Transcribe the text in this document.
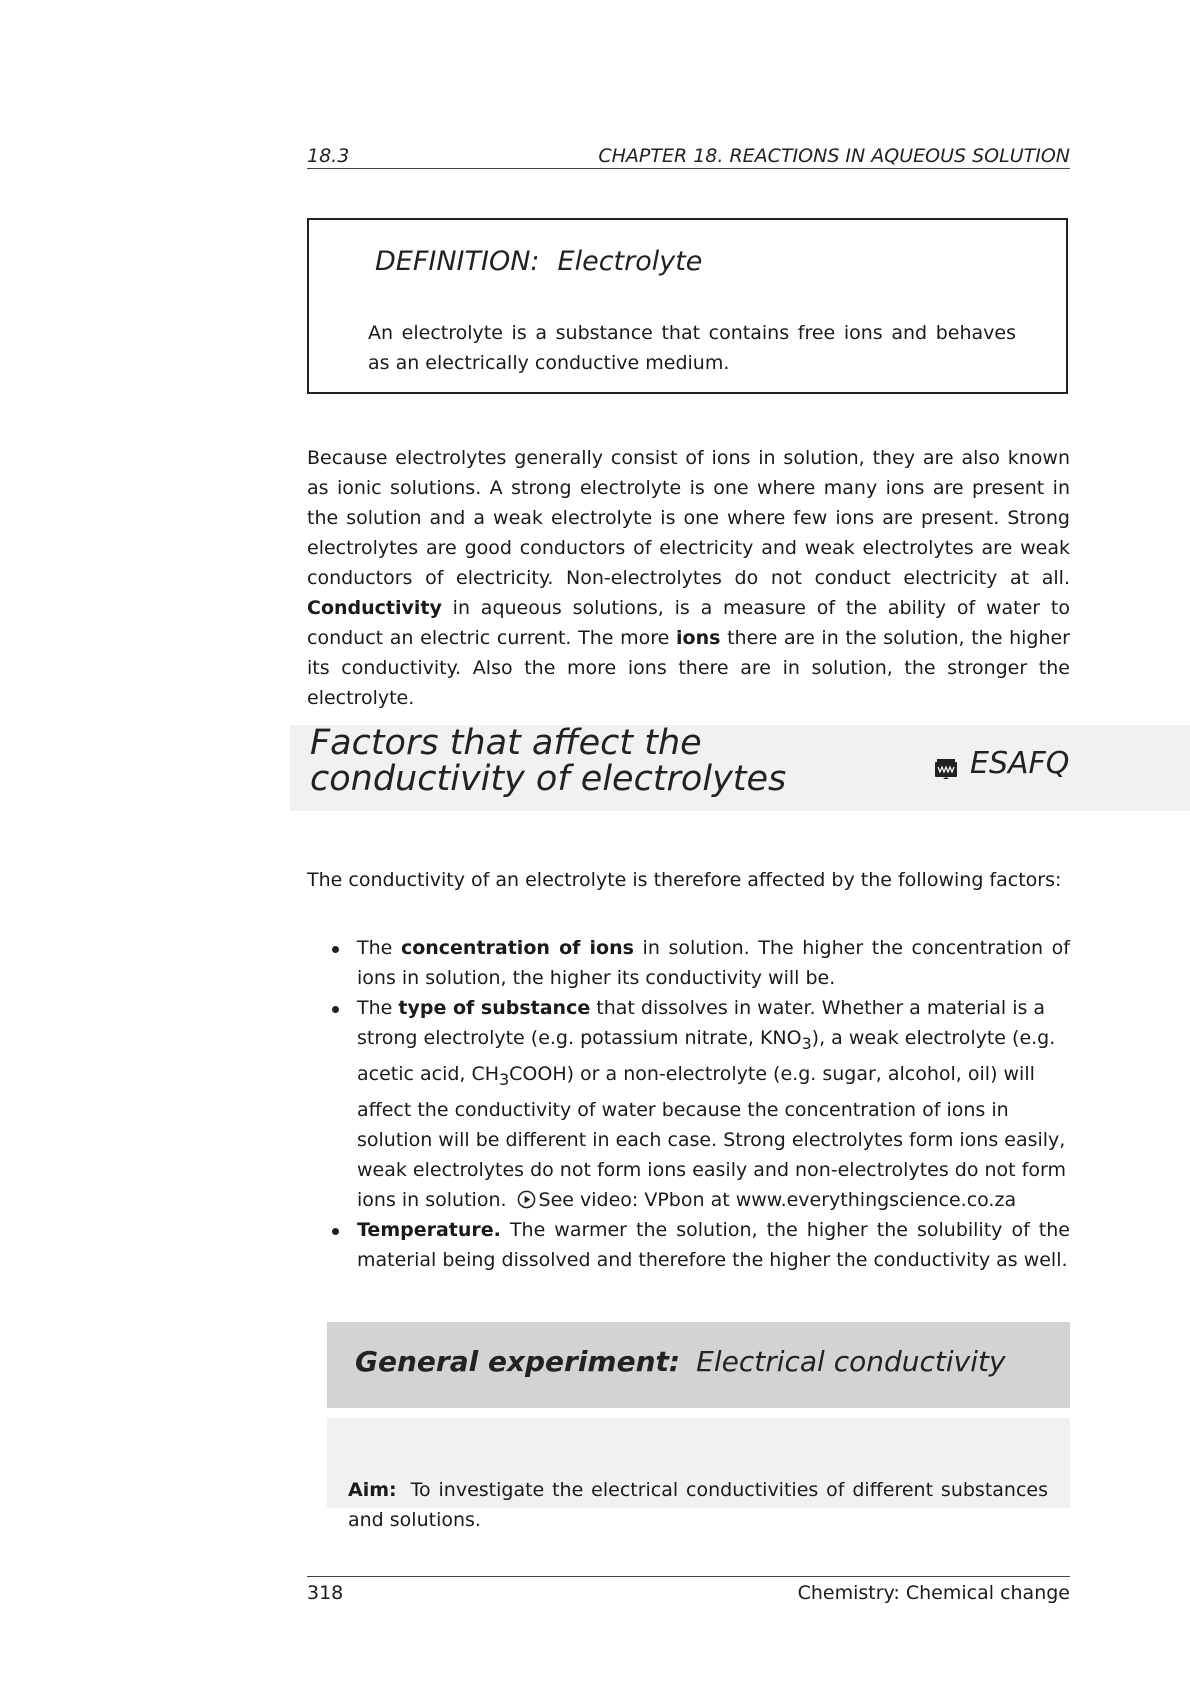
18.3	CHAPTER 18. REACTIONS IN AQUEOUS SOLUTION
DEFINITION: Electrolyte
An electrolyte is a substance that contains free ions and behaves as an electrically conductive medium.
Because electrolytes generally consist of ions in solution, they are also known as ionic solutions. A strong electrolyte is one where many ions are present in the solution and a weak electrolyte is one where few ions are present. Strong electrolytes are good conductors of electricity and weak electrolytes are weak conductors of electricity. Non-electrolytes do not conduct electricity at all. Conductivity in aqueous solutions, is a measure of the ability of water to conduct an electric current. The more ions there are in the solution, the higher its conductivity. Also the more ions there are in solution, the stronger the electrolyte.
Factors that affect the conductivity of electrolytes	ESAFQ
The conductivity of an electrolyte is therefore affected by the following factors:
The concentration of ions in solution. The higher the concentration of ions in solution, the higher its conductivity will be.
The type of substance that dissolves in water. Whether a material is a strong electrolyte (e.g. potassium nitrate, $KNO_3$), a weak electrolyte (e.g. acetic acid, $CH_3COOH$) or a non-electrolyte (e.g. sugar, alcohol, oil) will affect the conductivity of water because the concentration of ions in solution will be different in each case. Strong electrolytes form ions easily, weak electrolytes do not form ions easily and non-electrolytes do not form ions in solution. See video: VPbon at www.everythingscience.co.za
Temperature. The warmer the solution, the higher the solubility of the material being dissolved and therefore the higher the conductivity as well.
General experiment: Electrical conductivity
Aim: To investigate the electrical conductivities of different substances and solutions.
318	Chemistry: Chemical change
